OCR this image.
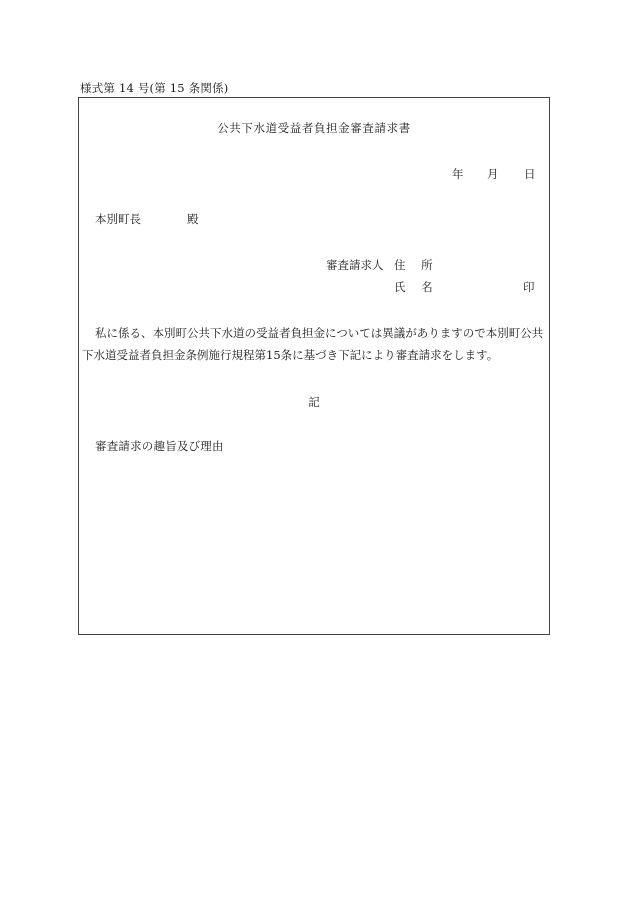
様式第 14 号(第 15 条関係)
公共下水道受益者負担金審査請求書
年 月 日
本別町長	殿
審査請求人 住 所
氏 名	印
私に係る、本別町公共下水道の受益者負担金については異議がありますので本別町公共
下水道受益者負担金条例施行規程第15条に基づき下記により審査請求をします。
記
審査請求の趣旨及び理由
